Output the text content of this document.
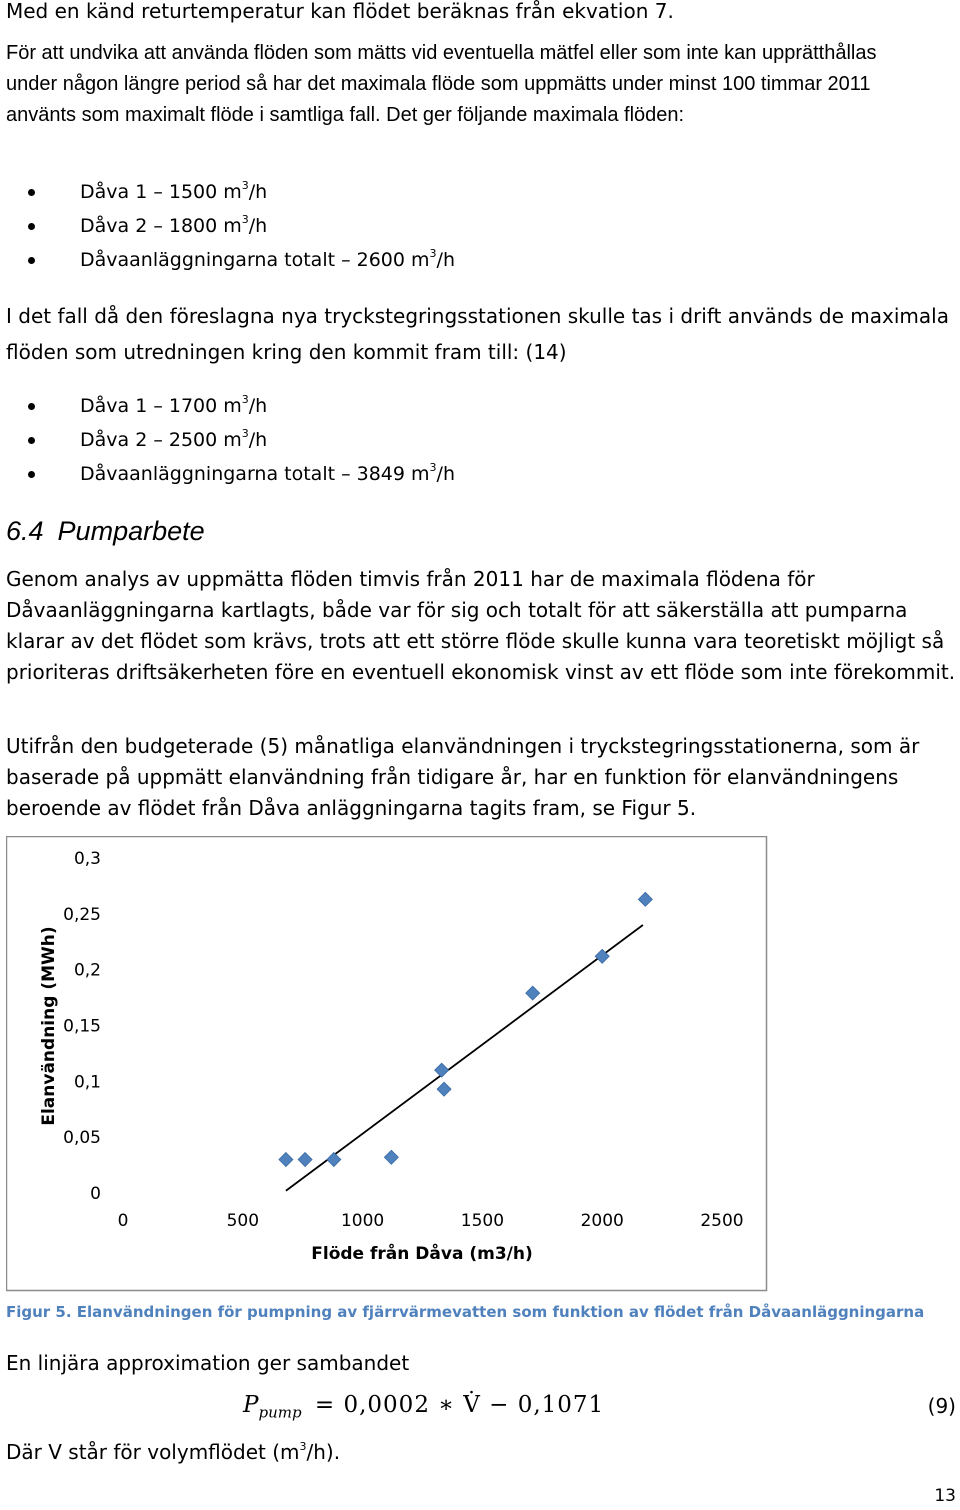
Med en känd returtemperatur kan flödet beräknas från ekvation 7.

För att undvika att använda flöden som mätts vid eventuella mätfel eller som inte kan upprätthållas under någon längre period så har det maximala flöde som uppmätts under minst 100 timmar 2011 använts som maximalt flöde i samtliga fall. Det ger följande maximala flöden:

Dåva 1 – 1500 $m^3/h$
Dåva 2 – 1800 $m^3/h$
Dåvaanläggningarna totalt – 2600 $m^3/h$

I det fall då den föreslagna nya tryckstegringsstationen skulle tas i drift används de maximala flöden som utredningen kring den kommit fram till: (14)

Dåva 1 – 1700 $m^3/h$
Dåva 2 – 2500 $m^3/h$
Dåvaanläggningarna totalt – 3849 $m^3/h$
6.4 Pumparbete

Genom analys av uppmätta flöden timvis från 2011 har de maximala flödena för Dåvaanläggningarna kartlagts, både var för sig och totalt för att säkerställa att pumparna klarar av det flödet som krävs, trots att ett större flöde skulle kunna vara teoretiskt möjligt så prioriteras driftsäkerheten före en eventuell ekonomisk vinst av ett flöde som inte förekommit.

Utifrån den budgeterade (5) månatliga elanvändningen i tryckstegringsstationerna, som är baserade på uppmätt elanvändning från tidigare år, har en funktion för elanvändningens beroende av flödet från Dåva anläggningarna tagits fram, se Figur 5.

0
0,05
0,1
0,15
0,2
0,25
0,3
0	500	1000	1500	2000	2500
Flöde från Dåva (m3/h)
Elanvändning (MWh)

Figur 5. Elanvändningen för pumpning av fjärrvärmevatten som funktion av flödet från Dåvaanläggningarna

En linjära approximation ger sambandet

$P_{pump} = 0,0002$ ∗ V̇ − 0,1071	(9)

Där V står för volymflödet $(m^3/h)$.

13
